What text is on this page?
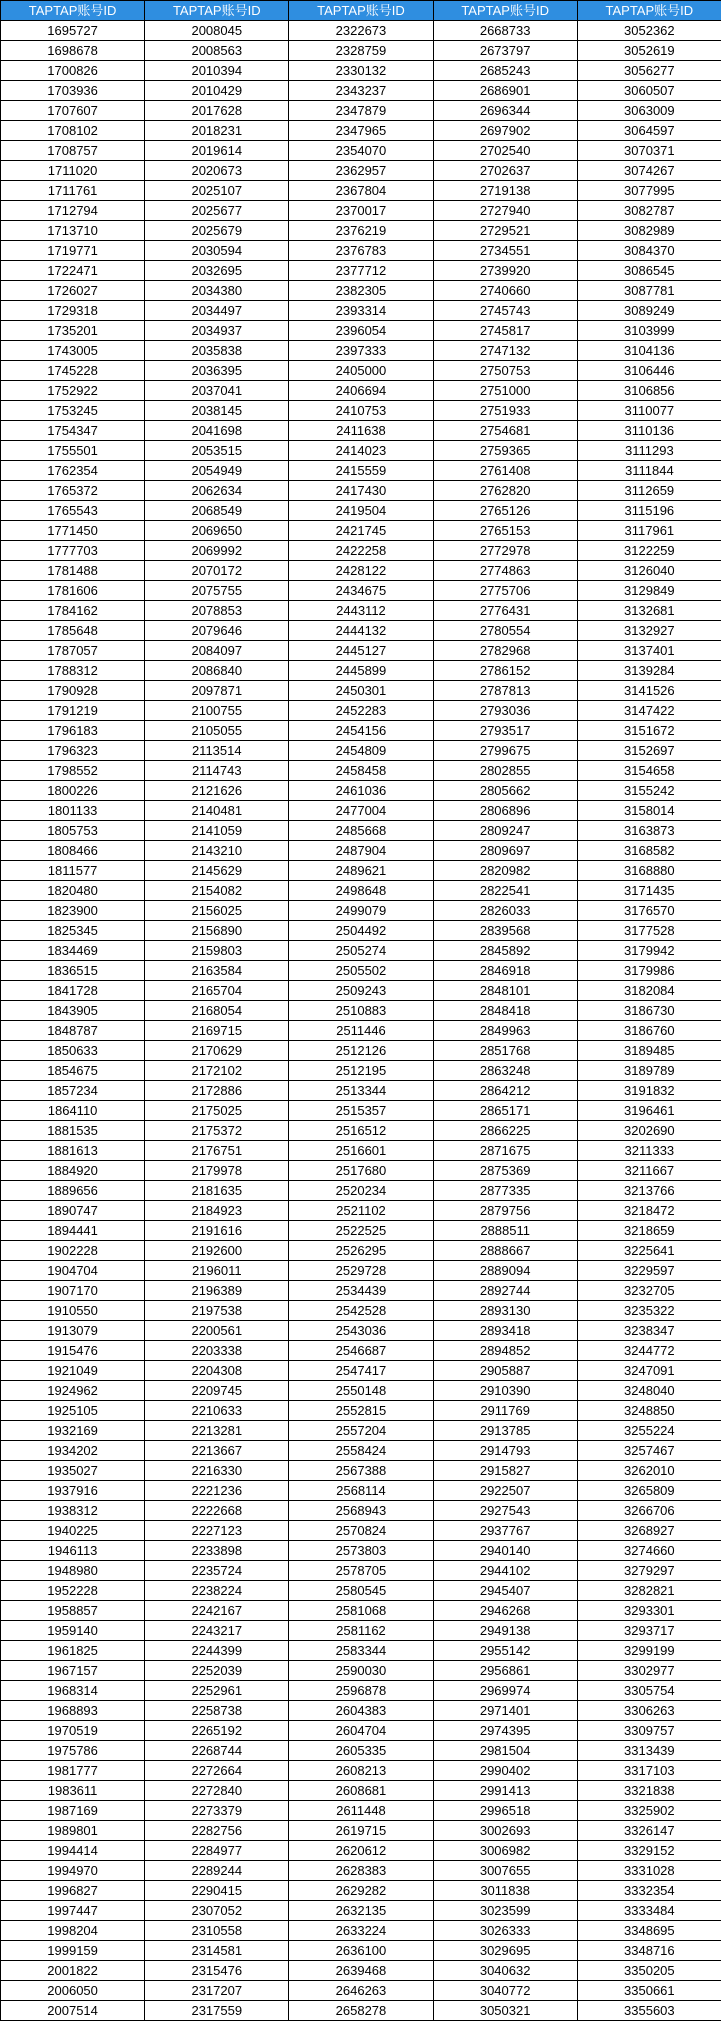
TAPTAP账号ID	TAPTAP账号ID	TAPTAP账号ID	TAPTAP账号ID	TAPTAP账号ID
1695727	2008045	2322673	2668733	3052362
1698678	2008563	2328759	2673797	3052619
1700826	2010394	2330132	2685243	3056277
1703936	2010429	2343237	2686901	3060507
1707607	2017628	2347879	2696344	3063009
1708102	2018231	2347965	2697902	3064597
1708757	2019614	2354070	2702540	3070371
1711020	2020673	2362957	2702637	3074267
1711761	2025107	2367804	2719138	3077995
1712794	2025677	2370017	2727940	3082787
1713710	2025679	2376219	2729521	3082989
1719771	2030594	2376783	2734551	3084370
1722471	2032695	2377712	2739920	3086545
1726027	2034380	2382305	2740660	3087781
1729318	2034497	2393314	2745743	3089249
1735201	2034937	2396054	2745817	3103999
1743005	2035838	2397333	2747132	3104136
1745228	2036395	2405000	2750753	3106446
1752922	2037041	2406694	2751000	3106856
1753245	2038145	2410753	2751933	3110077
1754347	2041698	2411638	2754681	3110136
1755501	2053515	2414023	2759365	3111293
1762354	2054949	2415559	2761408	3111844
1765372	2062634	2417430	2762820	3112659
1765543	2068549	2419504	2765126	3115196
1771450	2069650	2421745	2765153	3117961
1777703	2069992	2422258	2772978	3122259
1781488	2070172	2428122	2774863	3126040
1781606	2075755	2434675	2775706	3129849
1784162	2078853	2443112	2776431	3132681
1785648	2079646	2444132	2780554	3132927
1787057	2084097	2445127	2782968	3137401
1788312	2086840	2445899	2786152	3139284
1790928	2097871	2450301	2787813	3141526
1791219	2100755	2452283	2793036	3147422
1796183	2105055	2454156	2793517	3151672
1796323	2113514	2454809	2799675	3152697
1798552	2114743	2458458	2802855	3154658
1800226	2121626	2461036	2805662	3155242
1801133	2140481	2477004	2806896	3158014
1805753	2141059	2485668	2809247	3163873
1808466	2143210	2487904	2809697	3168582
1811577	2145629	2489621	2820982	3168880
1820480	2154082	2498648	2822541	3171435
1823900	2156025	2499079	2826033	3176570
1825345	2156890	2504492	2839568	3177528
1834469	2159803	2505274	2845892	3179942
1836515	2163584	2505502	2846918	3179986
1841728	2165704	2509243	2848101	3182084
1843905	2168054	2510883	2848418	3186730
1848787	2169715	2511446	2849963	3186760
1850633	2170629	2512126	2851768	3189485
1854675	2172102	2512195	2863248	3189789
1857234	2172886	2513344	2864212	3191832
1864110	2175025	2515357	2865171	3196461
1881535	2175372	2516512	2866225	3202690
1881613	2176751	2516601	2871675	3211333
1884920	2179978	2517680	2875369	3211667
1889656	2181635	2520234	2877335	3213766
1890747	2184923	2521102	2879756	3218472
1894441	2191616	2522525	2888511	3218659
1902228	2192600	2526295	2888667	3225641
1904704	2196011	2529728	2889094	3229597
1907170	2196389	2534439	2892744	3232705
1910550	2197538	2542528	2893130	3235322
1913079	2200561	2543036	2893418	3238347
1915476	2203338	2546687	2894852	3244772
1921049	2204308	2547417	2905887	3247091
1924962	2209745	2550148	2910390	3248040
1925105	2210633	2552815	2911769	3248850
1932169	2213281	2557204	2913785	3255224
1934202	2213667	2558424	2914793	3257467
1935027	2216330	2567388	2915827	3262010
1937916	2221236	2568114	2922507	3265809
1938312	2222668	2568943	2927543	3266706
1940225	2227123	2570824	2937767	3268927
1946113	2233898	2573803	2940140	3274660
1948980	2235724	2578705	2944102	3279297
1952228	2238224	2580545	2945407	3282821
1958857	2242167	2581068	2946268	3293301
1959140	2243217	2581162	2949138	3293717
1961825	2244399	2583344	2955142	3299199
1967157	2252039	2590030	2956861	3302977
1968314	2252961	2596878	2969974	3305754
1968893	2258738	2604383	2971401	3306263
1970519	2265192	2604704	2974395	3309757
1975786	2268744	2605335	2981504	3313439
1981777	2272664	2608213	2990402	3317103
1983611	2272840	2608681	2991413	3321838
1987169	2273379	2611448	2996518	3325902
1989801	2282756	2619715	3002693	3326147
1994414	2284977	2620612	3006982	3329152
1994970	2289244	2628383	3007655	3331028
1996827	2290415	2629282	3011838	3332354
1997447	2307052	2632135	3023599	3333484
1998204	2310558	2633224	3026333	3348695
1999159	2314581	2636100	3029695	3348716
2001822	2315476	2639468	3040632	3350205
2006050	2317207	2646263	3040772	3350661
2007514	2317559	2658278	3050321	3355603
